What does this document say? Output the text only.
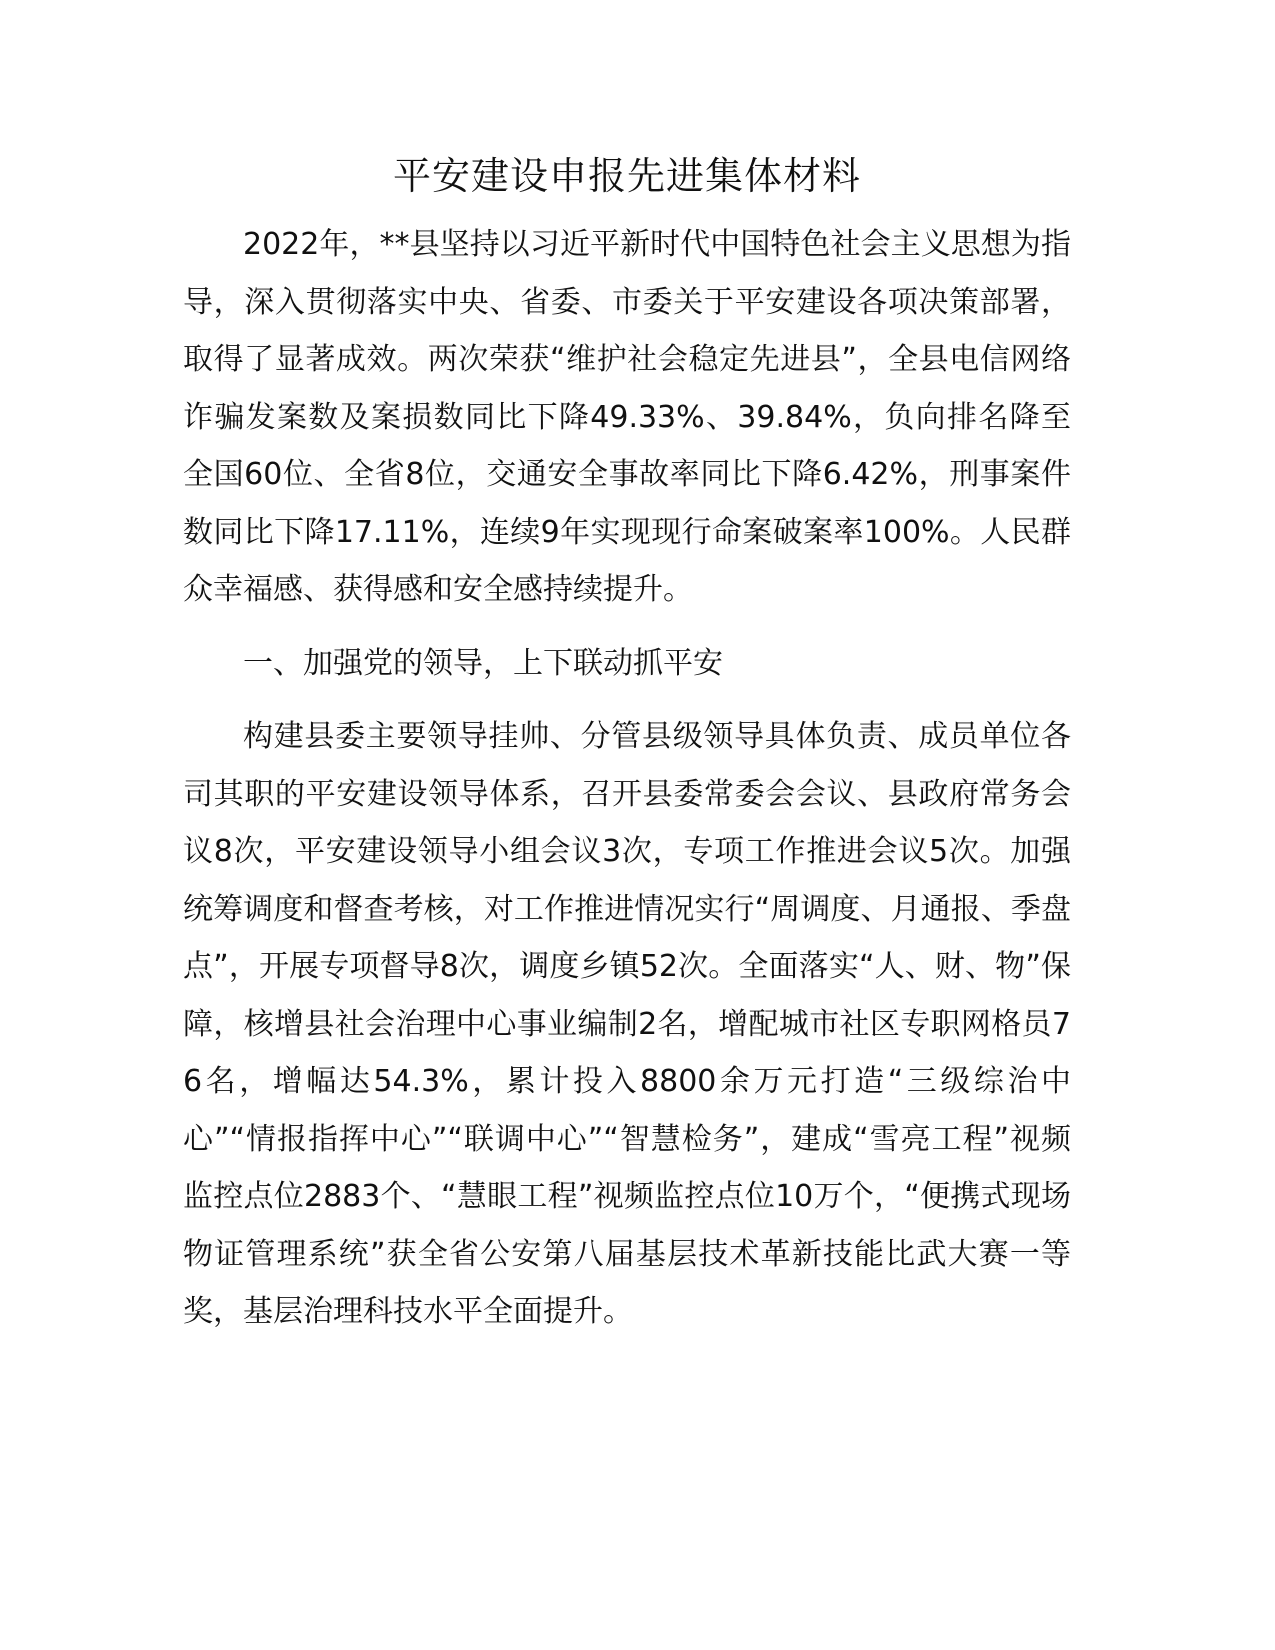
平安建设申报先进集体材料

2022年，**县坚持以习近平新时代中国特色社会主义思想为指导，深入贯彻落实中央、省委、市委关于平安建设各项决策部署，取得了显著成效。两次荣获“维护社会稳定先进县”，全县电信网络诈骗发案数及案损数同比下降49.33%、39.84%，负向排名降至全国60位、全省8位，交通安全事故率同比下降6.42%，刑事案件数同比下降17.11%，连续9年实现现行命案破案率100%。人民群众幸福感、获得感和安全感持续提升。

一、加强党的领导，上下联动抓平安

构建县委主要领导挂帅、分管县级领导具体负责、成员单位各司其职的平安建设领导体系，召开县委常委会会议、县政府常务会议8次，平安建设领导小组会议3次，专项工作推进会议5次。加强统筹调度和督查考核，对工作推进情况实行“周调度、月通报、季盘点”，开展专项督导8次，调度乡镇52次。全面落实“人、财、物”保障，核增县社会治理中心事业编制2名，增配城市社区专职网格员76名，增幅达54.3%，累计投入8800余万元打造“三级综治中心”“情报指挥中心”“联调中心”“智慧检务”，建成“雪亮工程”视频监控点位2883个、“慧眼工程”视频监控点位10万个，“便携式现场物证管理系统”获全省公安第八届基层技术革新技能比武大赛一等奖，基层治理科技水平全面提升。
